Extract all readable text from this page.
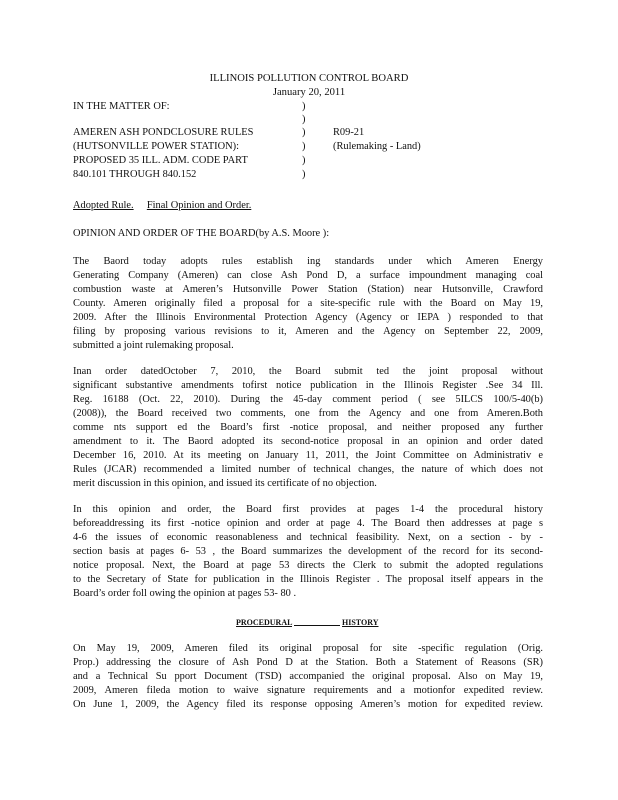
ILLINOIS POLLUTION CONTROL BOARD
January 20, 2011
IN THE MATTER OF:
AMEREN ASH PONDCLOSURE RULES
(HUTSONVILLE POWER STATION):
PROPOSED 35 ILL. ADM. CODE PART
840.101 THROUGH 840.152
)
)
)
)
)
)
R09-21
(Rulemaking - Land)
Adopted Rule. Final Opinion and Order.
OPINION AND ORDER OF THE BOARD(by A.S. Moore ):
The Baord today adopts rules establish ing standards under which Ameren Energy
Generating Company (Ameren) can close Ash Pond D, a surface impoundment managing coal
combustion waste at Ameren’s Hutsonville Power Station (Station) near Hutsonville, Crawford
County. Ameren originally filed a proposal for a site-specific rule with the Board on May 19,
2009. After the Illinois Environmental Protection Agency (Agency or IEPA ) responded to that
filing by proposing various revisions to it, Ameren and the Agency on September 22, 2009,
submitted a joint rulemaking proposal.
Inan order datedOctober 7, 2010, the Board submit ted the joint proposal without
significant substantive amendments tofirst notice publication in the Illinois Register .See 34 Ill.
Reg. 16188 (Oct. 22, 2010). During the 45-day comment period ( see 5ILCS 100/5-40(b)
(2008)), the Board received two comments, one from the Agency and one from Ameren.Both
comme nts support ed the Board’s first -notice proposal, and neither proposed any further
amendment to it. The Baord adopted its second-notice proposal in an opinion and order dated
December 16, 2010. At its meeting on January 11, 2011, the Joint Committee on Administrativ e
Rules (JCAR) recommended a limited number of technical changes, the nature of which does not
merit discussion in this opinion, and issued its certificate of no objection.
In this opinion and order, the Board first provides at pages 1-4 the procedural history
beforeaddressing its first -notice opinion and order at page 4. The Board then addresses at page s
4-6 the issues of economic reasonableness and technical feasibility. Next, on a section - by -
section basis at pages 6- 53 , the Board summarizes the development of the record for its second-
notice proposal. Next, the Board at page 53 directs the Clerk to submit the adopted regulations
to the Secretary of State for publication in the Illinois Register . The proposal itself appears in the
Board’s order foll owing the opinion at pages 53- 80 .
PROCEDURAL	HISTORY
On May 19, 2009, Ameren filed its original proposal for site -specific regulation (Orig.
Prop.) addressing the closure of Ash Pond D at the Station. Both a Statement of Reasons (SR)
and a Technical Su pport Document (TSD) accompanied the original proposal. Also on May 19,
2009, Ameren fileda motion to waive signature requirements and a motionfor expedited review.
On June 1, 2009, the Agency filed its response opposing Ameren’s motion for expedited review.
